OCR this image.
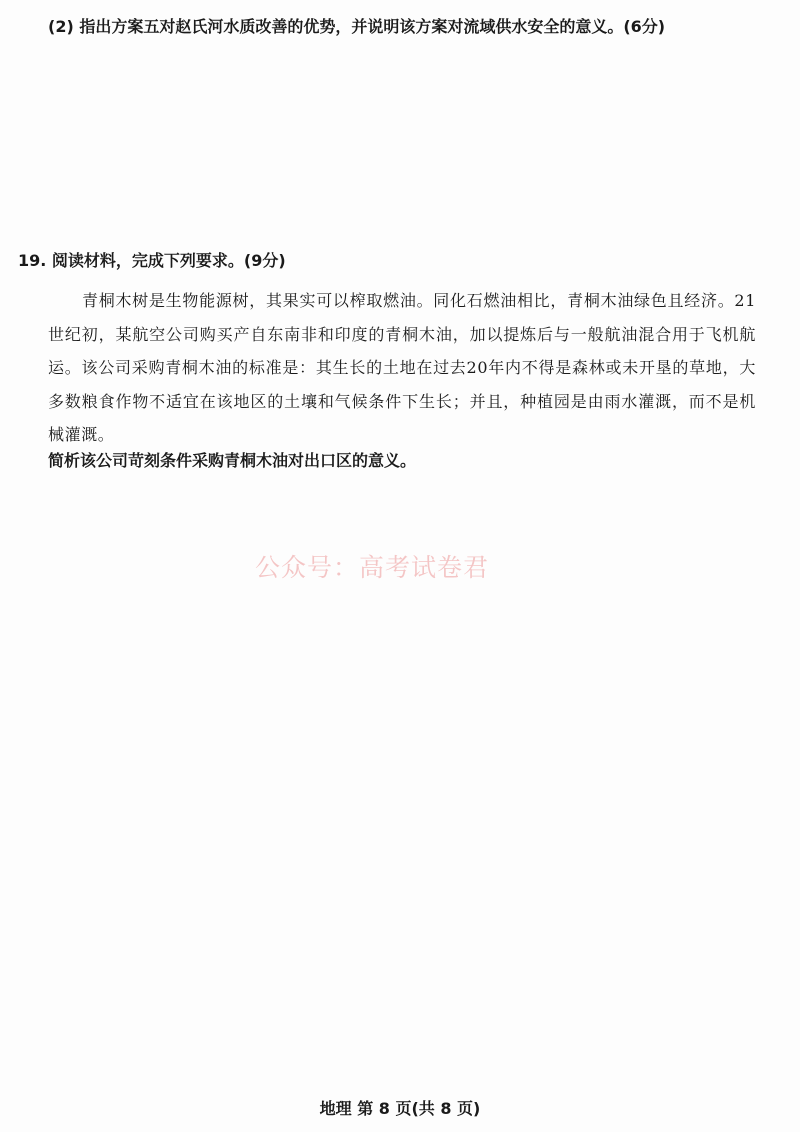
(2) 指出方案五对赵氏河水质改善的优势，并说明该方案对流域供水安全的意义。(6分)
19. 阅读材料，完成下列要求。(9分)
青桐木树是生物能源树，其果实可以榨取燃油。同化石燃油相比，青桐木油绿色且经济。21世纪初，某航空公司购买产自东南非和印度的青桐木油，加以提炼后与一般航油混合用于飞机航运。该公司采购青桐木油的标准是：其生长的土地在过去20年内不得是森林或未开垦的草地，大多数粮食作物不适宜在该地区的土壤和气候条件下生长；并且，种植园是由雨水灌溉，而不是机械灌溉。
简析该公司苛刻条件采购青桐木油对出口区的意义。
公众号：高考试卷君
地理 第 8 页(共 8 页)
